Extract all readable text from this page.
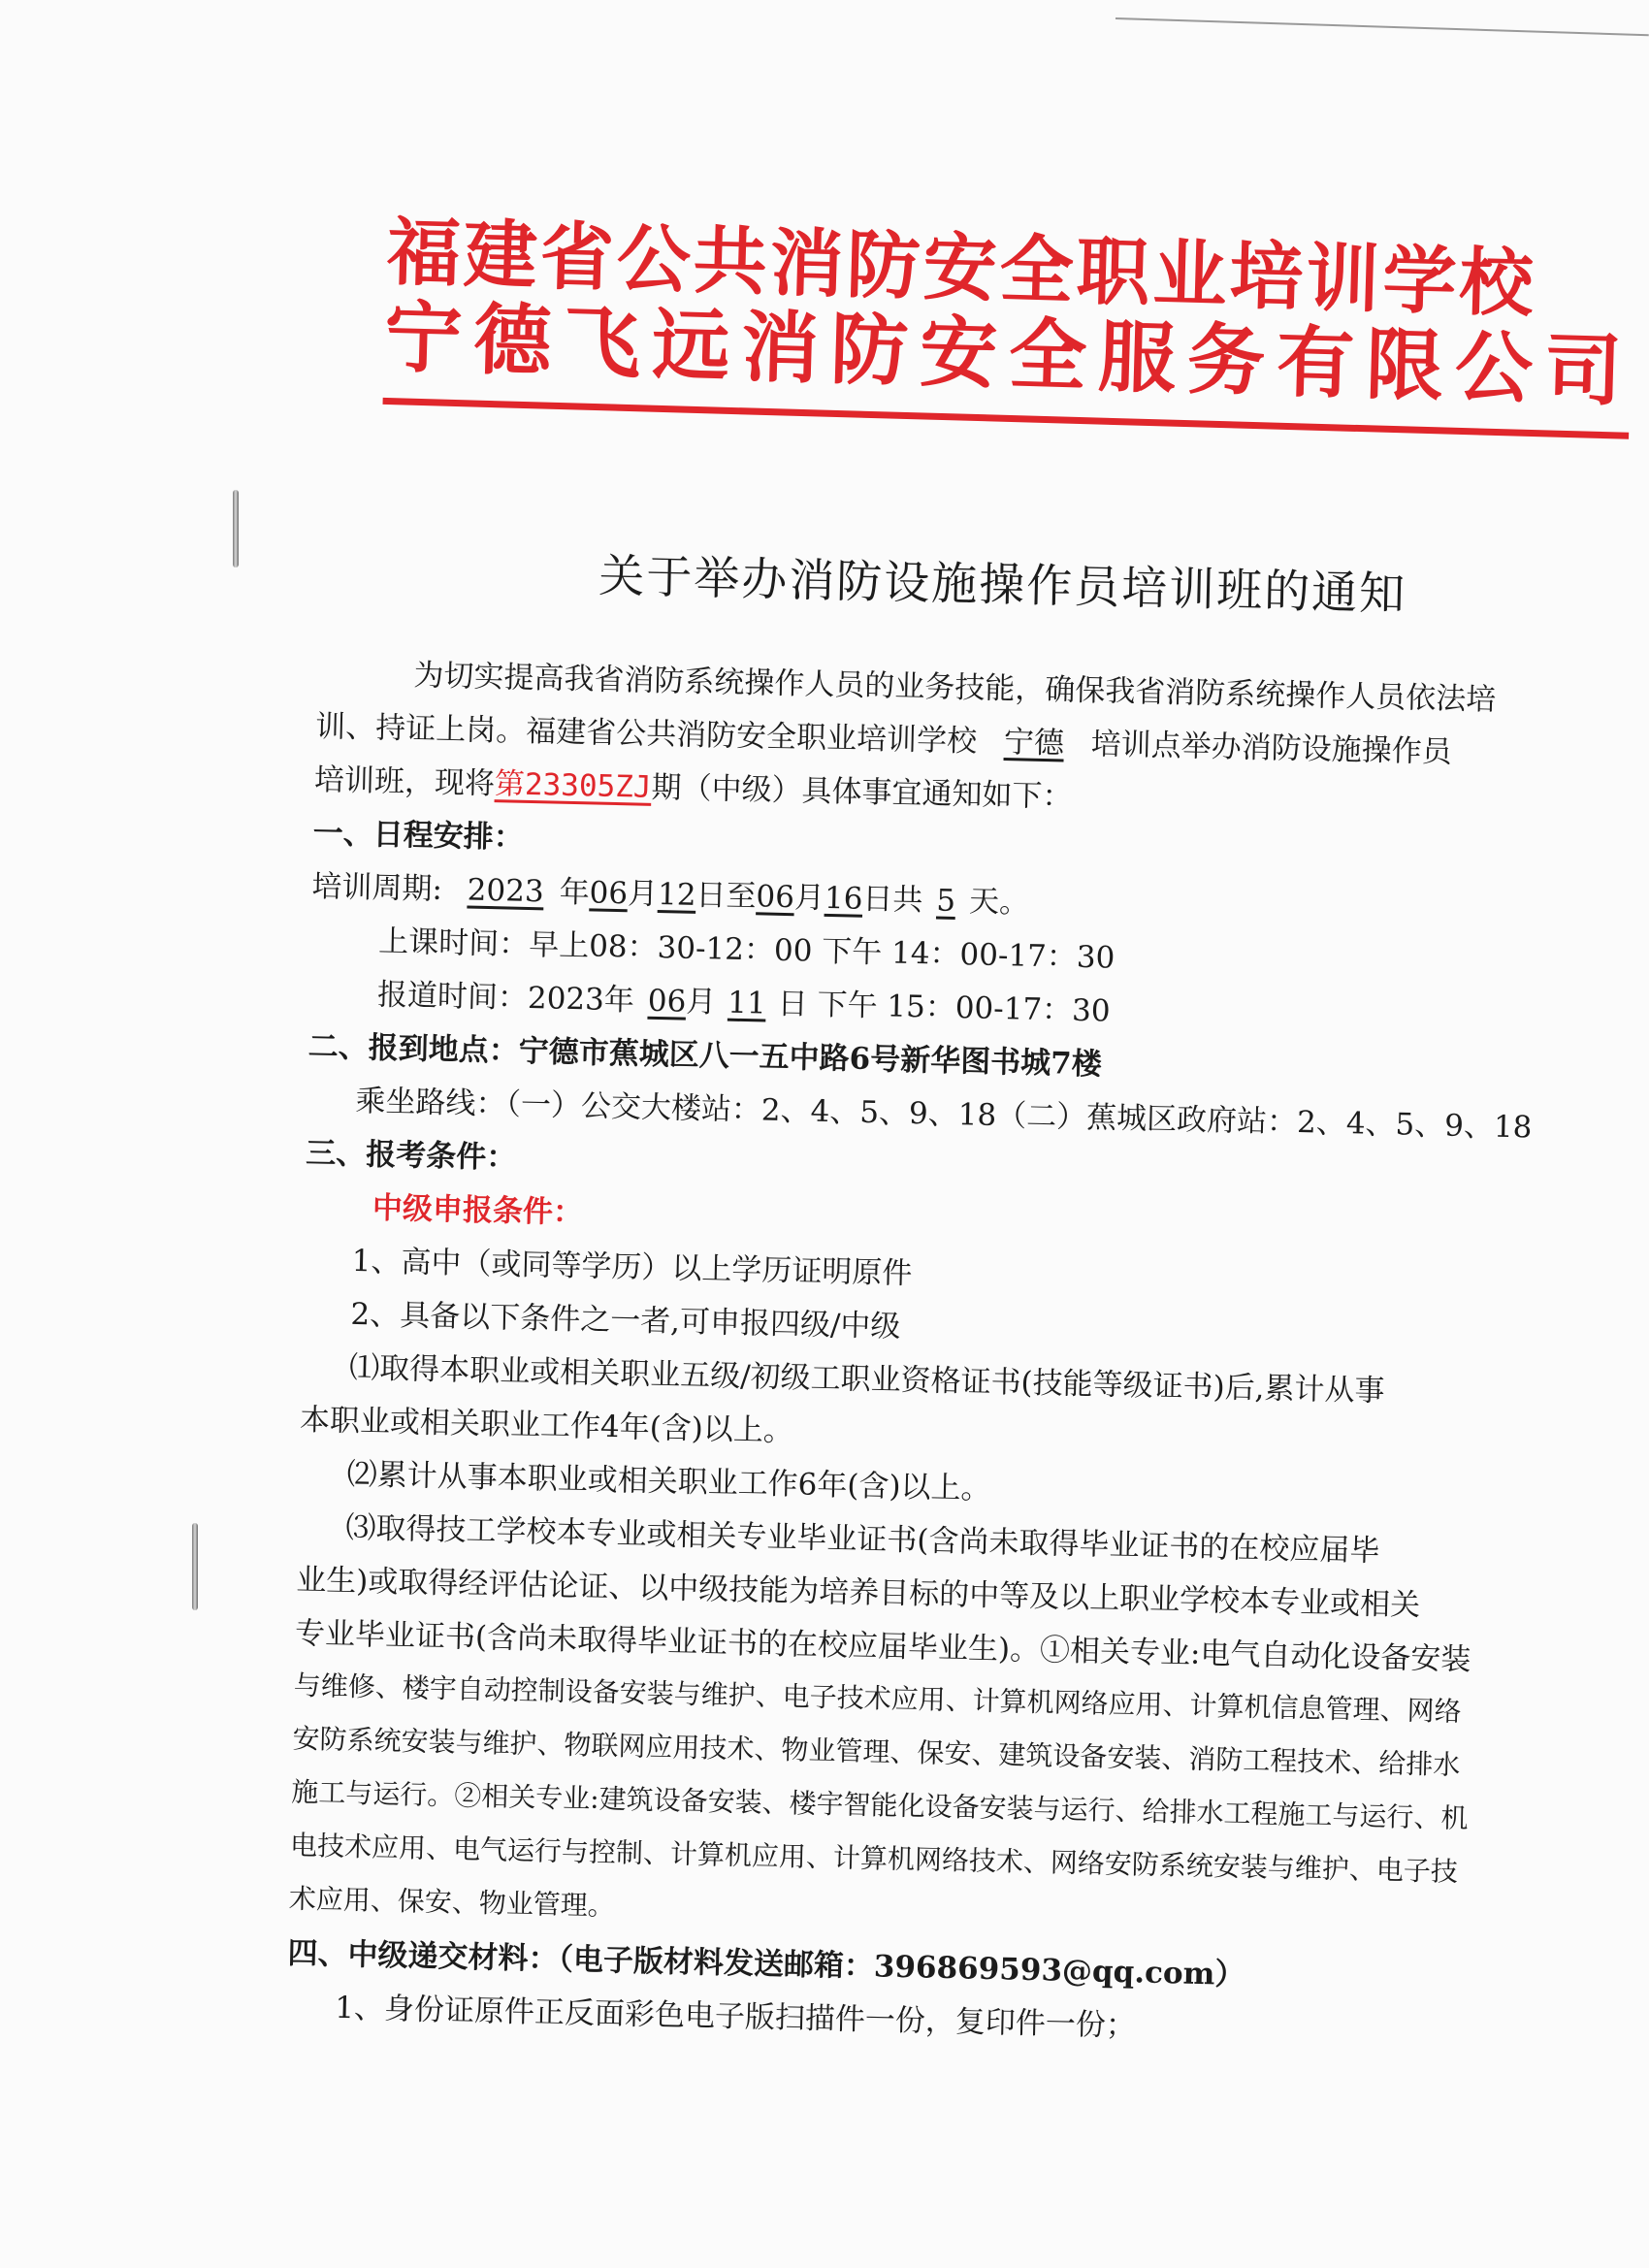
福建省公共消防安全职业培训学校
宁德飞远消防安全服务有限公司
关于举办消防设施操作员培训班的通知
为切实提高我省消防系统操作人员的业务技能，确保我省消防系统操作人员依法培
训、持证上岗。福建省公共消防安全职业培训学校 宁德 培训点举办消防设施操作员
培训班，现将第23305ZJ期（中级）具体事宜通知如下：
一、日程安排：
培训周期: 2023 年06月12日至06月16日共 5 天。
上课时间：早上08：30-12：00 下午 14：00-17：30
报道时间：2023年 06月 11 日 下午 15：00-17：30
二、报到地点：宁德市蕉城区八一五中路6号新华图书城7楼
乘坐路线：（一）公交大楼站：2、4、5、9、18（二）蕉城区政府站：2、4、5、9、18
三、报考条件：
中级申报条件：
1、高中（或同等学历）以上学历证明原件
2、具备以下条件之一者,可申报四级/中级
⑴取得本职业或相关职业五级/初级工职业资格证书(技能等级证书)后,累计从事
本职业或相关职业工作4年(含)以上。
⑵累计从事本职业或相关职业工作6年(含)以上。
⑶取得技工学校本专业或相关专业毕业证书(含尚未取得毕业证书的在校应届毕
业生)或取得经评估论证、以中级技能为培养目标的中等及以上职业学校本专业或相关
专业毕业证书(含尚未取得毕业证书的在校应届毕业生)。①相关专业:电气自动化设备安装
与维修、楼宇自动控制设备安装与维护、电子技术应用、计算机网络应用、计算机信息管理、网络
安防系统安装与维护、物联网应用技术、物业管理、保安、建筑设备安装、消防工程技术、给排水
施工与运行。②相关专业:建筑设备安装、楼宇智能化设备安装与运行、给排水工程施工与运行、机
电技术应用、电气运行与控制、计算机应用、计算机网络技术、网络安防系统安装与维护、电子技
术应用、保安、物业管理。
四、中级递交材料：（电子版材料发送邮箱：396869593@qq.com）
1、身份证原件正反面彩色电子版扫描件一份，复印件一份；
